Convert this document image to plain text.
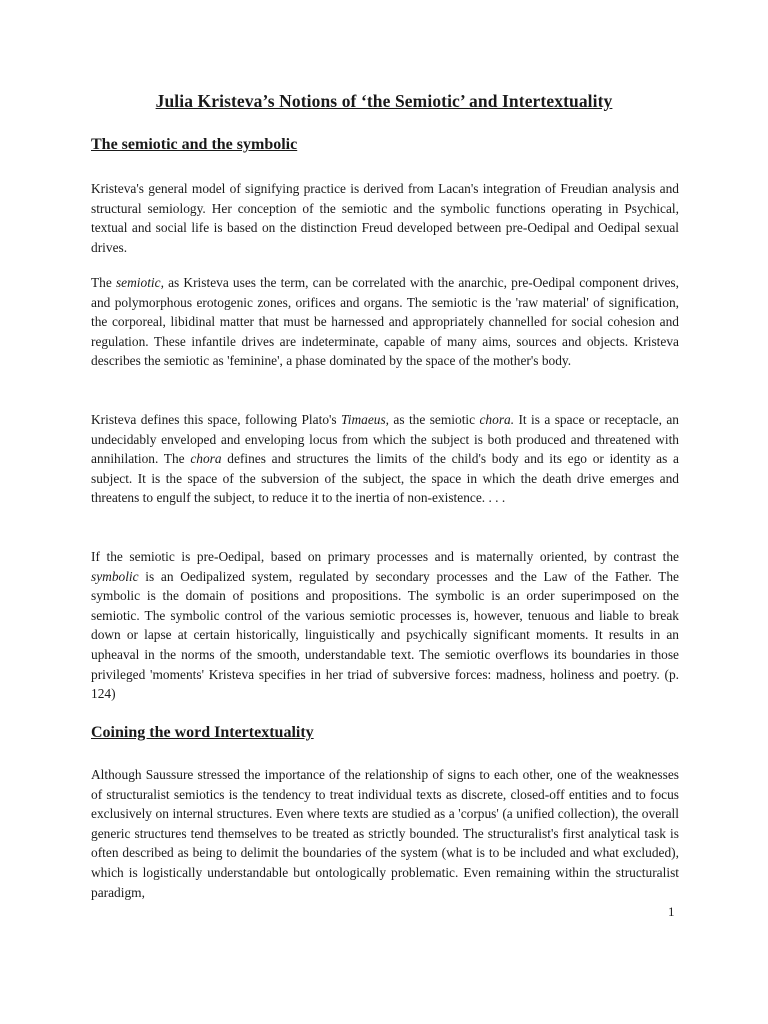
Julia Kristeva’s Notions of ‘the Semiotic’ and Intertextuality
The semiotic and the symbolic

Kristeva's general model of signifying practice is derived from Lacan's integration of Freudian analysis and structural semiology. Her conception of the semiotic and the symbolic functions operating in Psychical, textual and social life is based on the distinction Freud developed between pre-Oedipal and Oedipal sexual drives.

The semiotic, as Kristeva uses the term, can be correlated with the anarchic, pre-Oedipal component drives, and polymorphous erotogenic zones, orifices and organs. The semiotic is the 'raw material' of signification, the corporeal, libidinal matter that must be harnessed and appropriately channelled for social cohesion and regulation. These infantile drives are indeterminate, capable of many aims, sources and objects. Kristeva describes the semiotic as 'feminine', a phase dominated by the space of the mother's body.

Kristeva defines this space, following Plato's Timaeus, as the semiotic chora. It is a space or receptacle, an undecidably enveloped and enveloping locus from which the subject is both produced and threatened with annihilation. The chora defines and structures the limits of the child's body and its ego or identity as a subject. It is the space of the subversion of the subject, the space in which the death drive emerges and threatens to engulf the subject, to reduce it to the inertia of non-existence. . . .

If the semiotic is pre-Oedipal, based on primary processes and is maternally oriented, by contrast the symbolic is an Oedipalized system, regulated by secondary processes and the Law of the Father. The symbolic is the domain of positions and propositions. The symbolic is an order superimposed on the semiotic. The symbolic control of the various semiotic processes is, however, tenuous and liable to break down or lapse at certain historically, linguistically and psychically significant moments. It results in an upheaval in the norms of the smooth, understandable text. The semiotic overflows its boundaries in those privileged 'moments' Kristeva specifies in her triad of subversive forces: madness, holiness and poetry. (p. 124)

Coining the word Intertextuality

Although Saussure stressed the importance of the relationship of signs to each other, one of the weaknesses of structuralist semiotics is the tendency to treat individual texts as discrete, closed-off entities and to focus exclusively on internal structures. Even where texts are studied as a 'corpus' (a unified collection), the overall generic structures tend themselves to be treated as strictly bounded. The structuralist's first analytical task is often described as being to delimit the boundaries of the system (what is to be included and what excluded), which is logistically understandable but ontologically problematic. Even remaining within the structuralist paradigm,

1
